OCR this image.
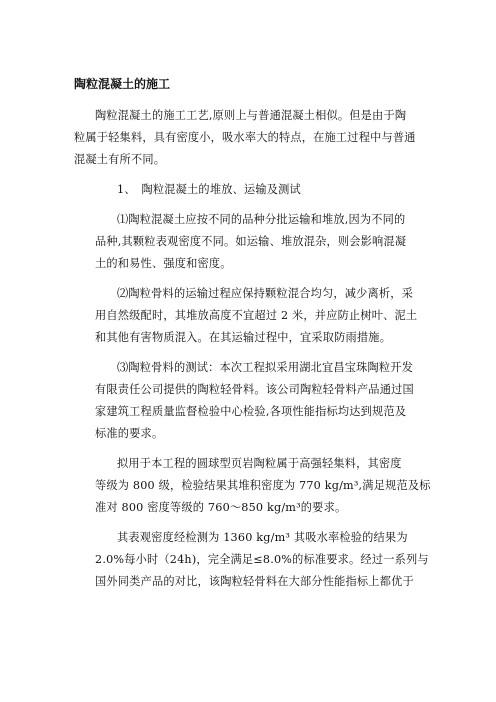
陶粒混凝土的施工
陶粒混凝土的施工工艺,原则上与普通混凝土相似。但是由于陶
粒属于轻集料，具有密度小，吸水率大的特点，在施工过程中与普通
混凝土有所不同。
1、　陶粒混凝土的堆放、运输及测试
⑴陶粒混凝土应按不同的品种分批运输和堆放,因为不同的
品种,其颗粒表观密度不同。如运输、堆放混杂，则会影响混凝
土的和易性、强度和密度。
⑵陶粒骨料的运输过程应保持颗粒混合均匀，减少离析，采
用自然级配时，其堆放高度不宜超过 2 米，并应防止树叶、泥土
和其他有害物质混入。在其运输过程中，宜采取防雨措施。
⑶陶粒骨料的测试：本次工程拟采用湖北宜昌宝珠陶粒开发
有限责任公司提供的陶粒轻骨料。该公司陶粒轻骨料产品通过国
家建筑工程质量监督检验中心检验,各项性能指标均达到规范及
标准的要求。
拟用于本工程的圆球型页岩陶粒属于高强轻集料，其密度
等级为 800 级，检验结果其堆积密度为 770 kg/m³,满足规范及标
准对 800 密度等级的 760～850 kg/m³的要求。
其表观密度经检测为 1360 kg/m³ 其吸水率检验的结果为
2.0%每小时（24h)，完全满足≤8.0%的标准要求。经过一系列与
国外同类产品的对比，该陶粒轻骨料在大部分性能指标上都优于
